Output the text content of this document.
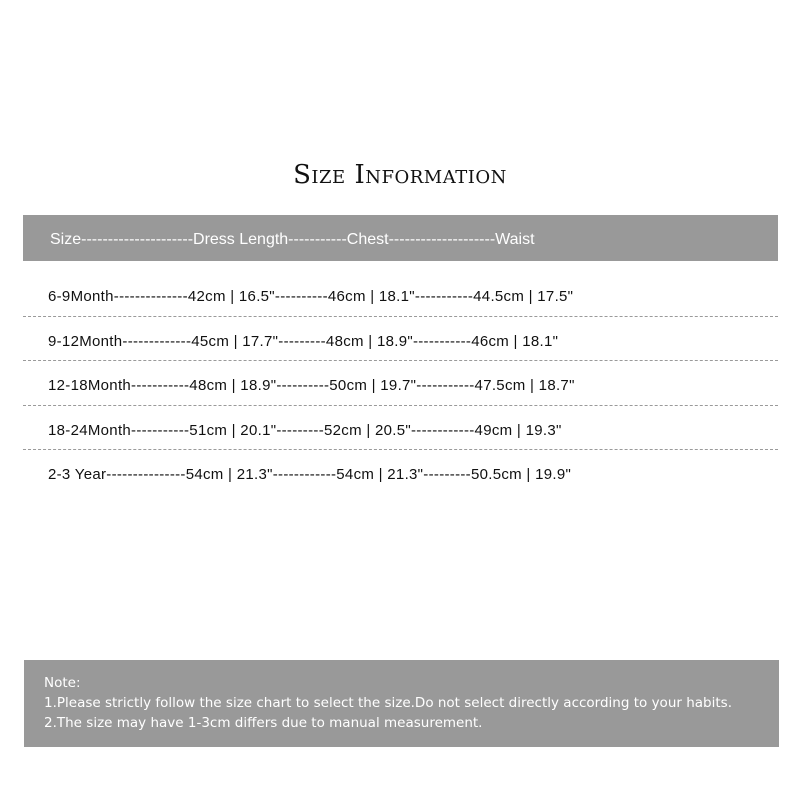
Size Information
Size---------------------Dress Length-----------Chest--------------------Waist
6-9Month--------------42cm | 16.5"----------46cm | 18.1"-----------44.5cm | 17.5"
9-12Month-------------45cm | 17.7"---------48cm | 18.9"-----------46cm | 18.1"
12-18Month-----------48cm | 18.9"----------50cm | 19.7"-----------47.5cm | 18.7"
18-24Month-----------51cm | 20.1"---------52cm | 20.5"------------49cm | 19.3"
2-3 Year---------------54cm | 21.3"------------54cm | 21.3"---------50.5cm | 19.9"
Note:
1.Please strictly follow the size chart to select the size.Do not select directly according to your habits.
2.The size may have 1-3cm differs due to manual measurement.
